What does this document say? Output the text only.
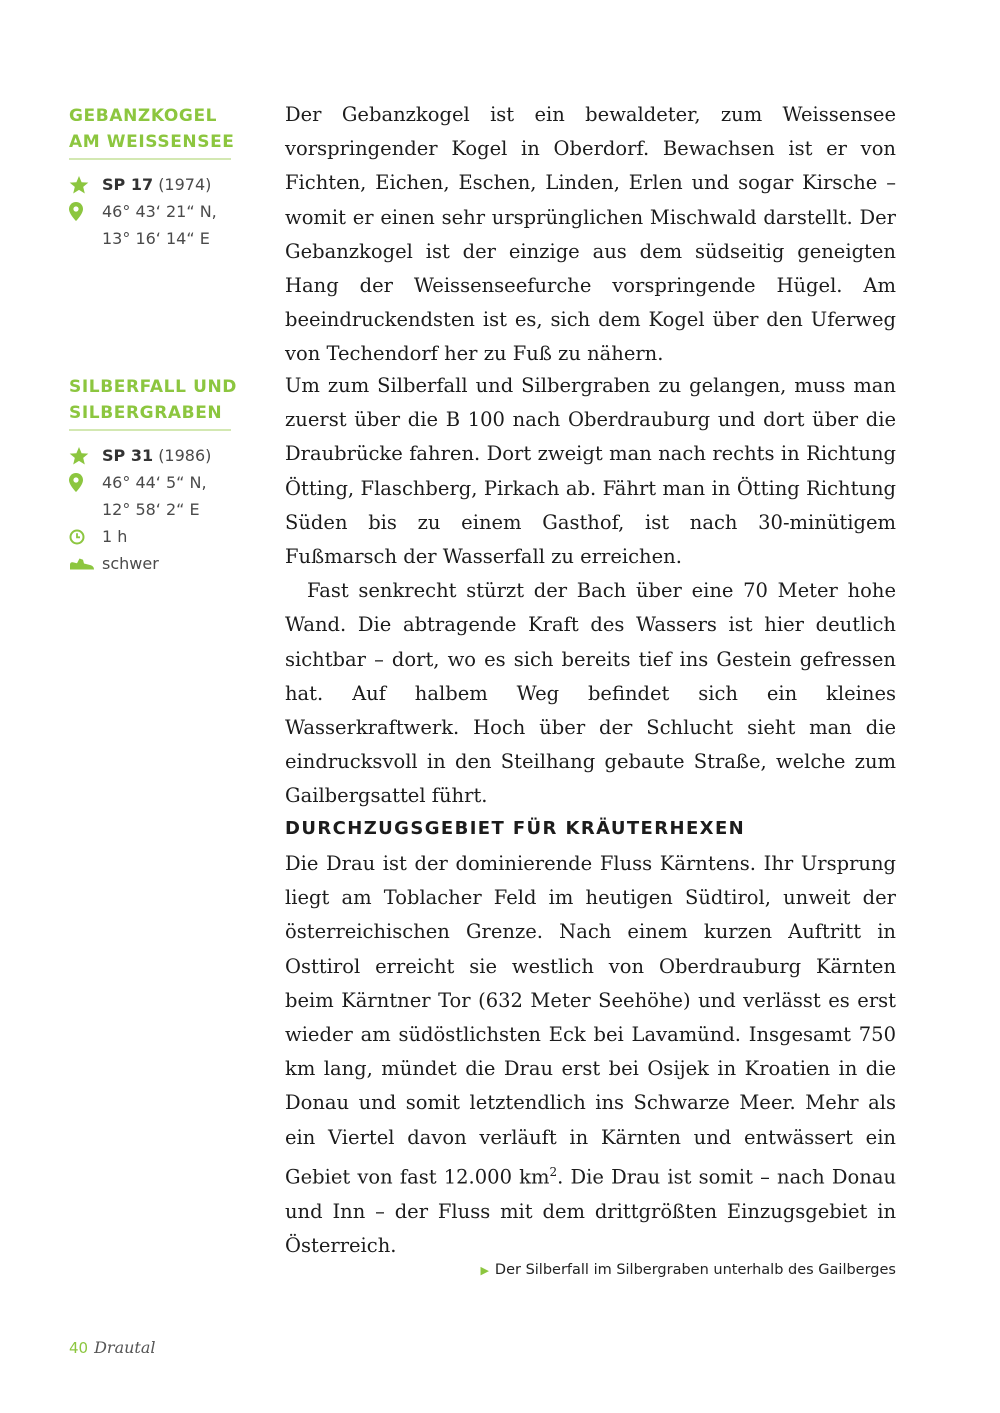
GEBANZKOGEL
AM WEISSENSEE
SP 17 (1974)
46° 43‘ 21“ N,
13° 16‘ 14“ E
SILBERFALL UND
SILBERGRABEN
SP 31 (1986)
46° 44‘ 5“ N,
12° 58‘ 2“ E
1 h
schwer

Der Gebanzkogel ist ein bewaldeter, zum Weissensee vorspringender Kogel in Oberdorf. Bewachsen ist er von Fichten, Eichen, Eschen, Linden, Erlen und sogar Kirsche – womit er einen sehr ursprünglichen Mischwald darstellt. Der Gebanzkogel ist der einzige aus dem südseitig geneigten Hang der Weissenseefurche vorspringende Hügel. Am beeindruckendsten ist es, sich dem Kogel über den Uferweg von Techendorf her zu Fuß zu nähern.

Um zum Silberfall und Silbergraben zu gelangen, muss man zuerst über die B 100 nach Oberdrauburg und dort über die Draubrücke fahren. Dort zweigt man nach rechts in Richtung Ötting, Flaschberg, Pirkach ab. Fährt man in Ötting Richtung Süden bis zu einem Gasthof, ist nach 30-minütigem Fußmarsch der Wasserfall zu erreichen.

Fast senkrecht stürzt der Bach über eine 70 Meter hohe Wand. Die abtragende Kraft des Wassers ist hier deutlich sichtbar – dort, wo es sich bereits tief ins Gestein gefressen hat. Auf halbem Weg befindet sich ein kleines Wasserkraftwerk. Hoch über der Schlucht sieht man die eindrucksvoll in den Steilhang gebaute Straße, welche zum Gailbergsattel führt.

DURCHZUGSGEBIET FÜR KRÄUTERHEXEN

Die Drau ist der dominierende Fluss Kärntens. Ihr Ursprung liegt am Toblacher Feld im heutigen Südtirol, unweit der österreichischen Grenze. Nach einem kurzen Auftritt in Osttirol erreicht sie westlich von Oberdrauburg Kärnten beim Kärntner Tor (632 Meter Seehöhe) und verlässt es erst wieder am südöstlichsten Eck bei Lavamünd. Insgesamt 750 km lang, mündet die Drau erst bei Osijek in Kroatien in die Donau und somit letztendlich ins Schwarze Meer. Mehr als ein Viertel davon verläuft in Kärnten und entwässert ein Gebiet von fast 12.000 $km^2$. Die Drau ist somit – nach Donau und Inn – der Fluss mit dem drittgrößten Einzugsgebiet in Österreich.

▶ Der Silberfall im Silbergraben unterhalb des Gailberges
40 Drautal
